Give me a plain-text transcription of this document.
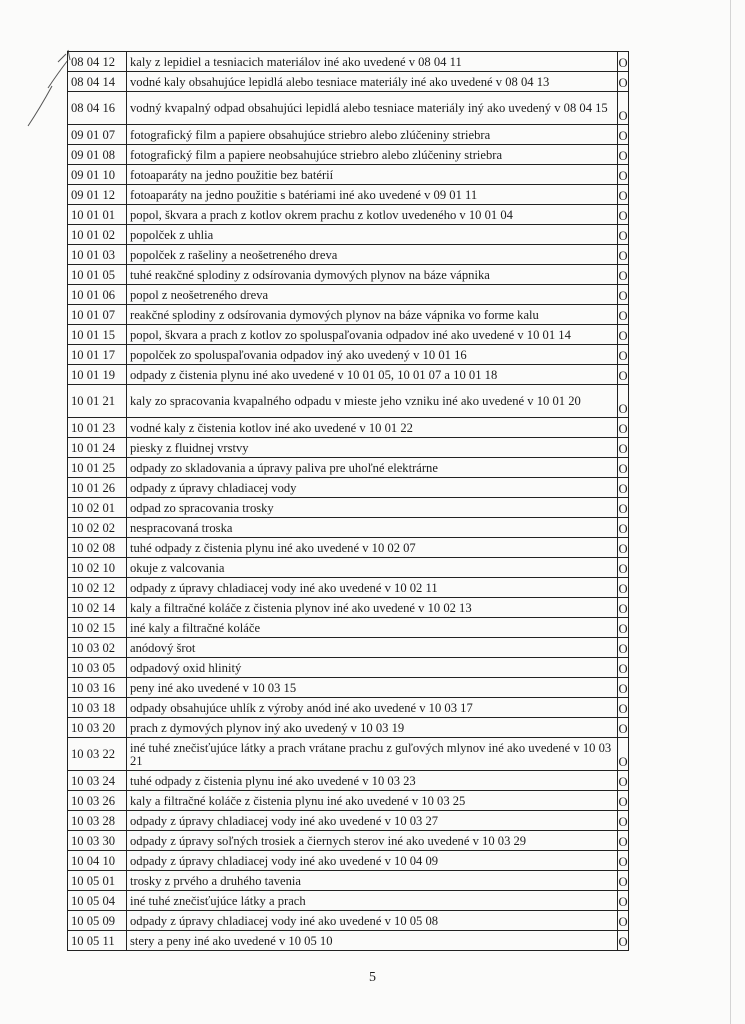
08 04 12	kaly z lepidiel a tesniacich materiálov iné ako uvedené v 08 04 11	O
08 04 14	vodné kaly obsahujúce lepidlá alebo tesniace materiály iné ako uvedené v 08 04 13	O
08 04 16	vodný kvapalný odpad obsahujúci lepidlá alebo tesniace materiály iný ako uvedený v 08 04 15	O
09 01 07	fotografický film a papiere obsahujúce striebro alebo zlúčeniny striebra	O
09 01 08	fotografický film a papiere neobsahujúce striebro alebo zlúčeniny striebra	O
09 01 10	fotoaparáty na jedno použitie bez batérií	O
09 01 12	fotoaparáty na jedno použitie s batériami iné ako uvedené v 09 01 11	O
10 01 01	popol, škvara a prach z kotlov okrem prachu z kotlov uvedeného v 10 01 04	O
10 01 02	popolček z uhlia	O
10 01 03	popolček z rašeliny a neošetreného dreva	O
10 01 05	tuhé reakčné splodiny z odsírovania dymových plynov na báze vápnika	O
10 01 06	popol z neošetreného dreva	O
10 01 07	reakčné splodiny z odsírovania dymových plynov na báze vápnika vo forme kalu	O
10 01 15	popol, škvara a prach z kotlov zo spoluspaľovania odpadov iné ako uvedené v 10 01 14	O
10 01 17	popolček zo spoluspaľovania odpadov iný ako uvedený v 10 01 16	O
10 01 19	odpady z čistenia plynu iné ako uvedené v 10 01 05, 10 01 07 a 10 01 18	O
10 01 21	kaly zo spracovania kvapalného odpadu v mieste jeho vzniku iné ako uvedené v 10 01 20	O
10 01 23	vodné kaly z čistenia kotlov iné ako uvedené v 10 01 22	O
10 01 24	piesky z fluidnej vrstvy	O
10 01 25	odpady zo skladovania a úpravy paliva pre uhoľné elektrárne	O
10 01 26	odpady z úpravy chladiacej vody	O
10 02 01	odpad zo spracovania trosky	O
10 02 02	nespracovaná troska	O
10 02 08	tuhé odpady z čistenia plynu iné ako uvedené v 10 02 07	O
10 02 10	okuje z valcovania	O
10 02 12	odpady z úpravy chladiacej vody iné ako uvedené v 10 02 11	O
10 02 14	kaly a filtračné koláče z čistenia plynov iné ako uvedené v 10 02 13	O
10 02 15	iné kaly a filtračné koláče	O
10 03 02	anódový šrot	O
10 03 05	odpadový oxid hlinitý	O
10 03 16	peny iné ako uvedené v 10 03 15	O
10 03 18	odpady obsahujúce uhlík z výroby anód iné ako uvedené v 10 03 17	O
10 03 20	prach z dymových plynov iný ako uvedený v 10 03 19	O
10 03 22	iné tuhé znečisťujúce látky a prach vrátane prachu z guľových mlynov iné ako uvedené v 10 03 21	O
10 03 24	tuhé odpady z čistenia plynu iné ako uvedené v 10 03 23	O
10 03 26	kaly a filtračné koláče z čistenia plynu iné ako uvedené v 10 03 25	O
10 03 28	odpady z úpravy chladiacej vody iné ako uvedené v 10 03 27	O
10 03 30	odpady z úpravy soľných trosiek a čiernych sterov iné ako uvedené v 10 03 29	O
10 04 10	odpady z úpravy chladiacej vody iné ako uvedené v 10 04 09	O
10 05 01	trosky z prvého a druhého tavenia	O
10 05 04	iné tuhé znečisťujúce látky a prach	O
10 05 09	odpady z úpravy chladiacej vody iné ako uvedené v 10 05 08	O
10 05 11	stery a peny iné ako uvedené v 10 05 10	O
5
